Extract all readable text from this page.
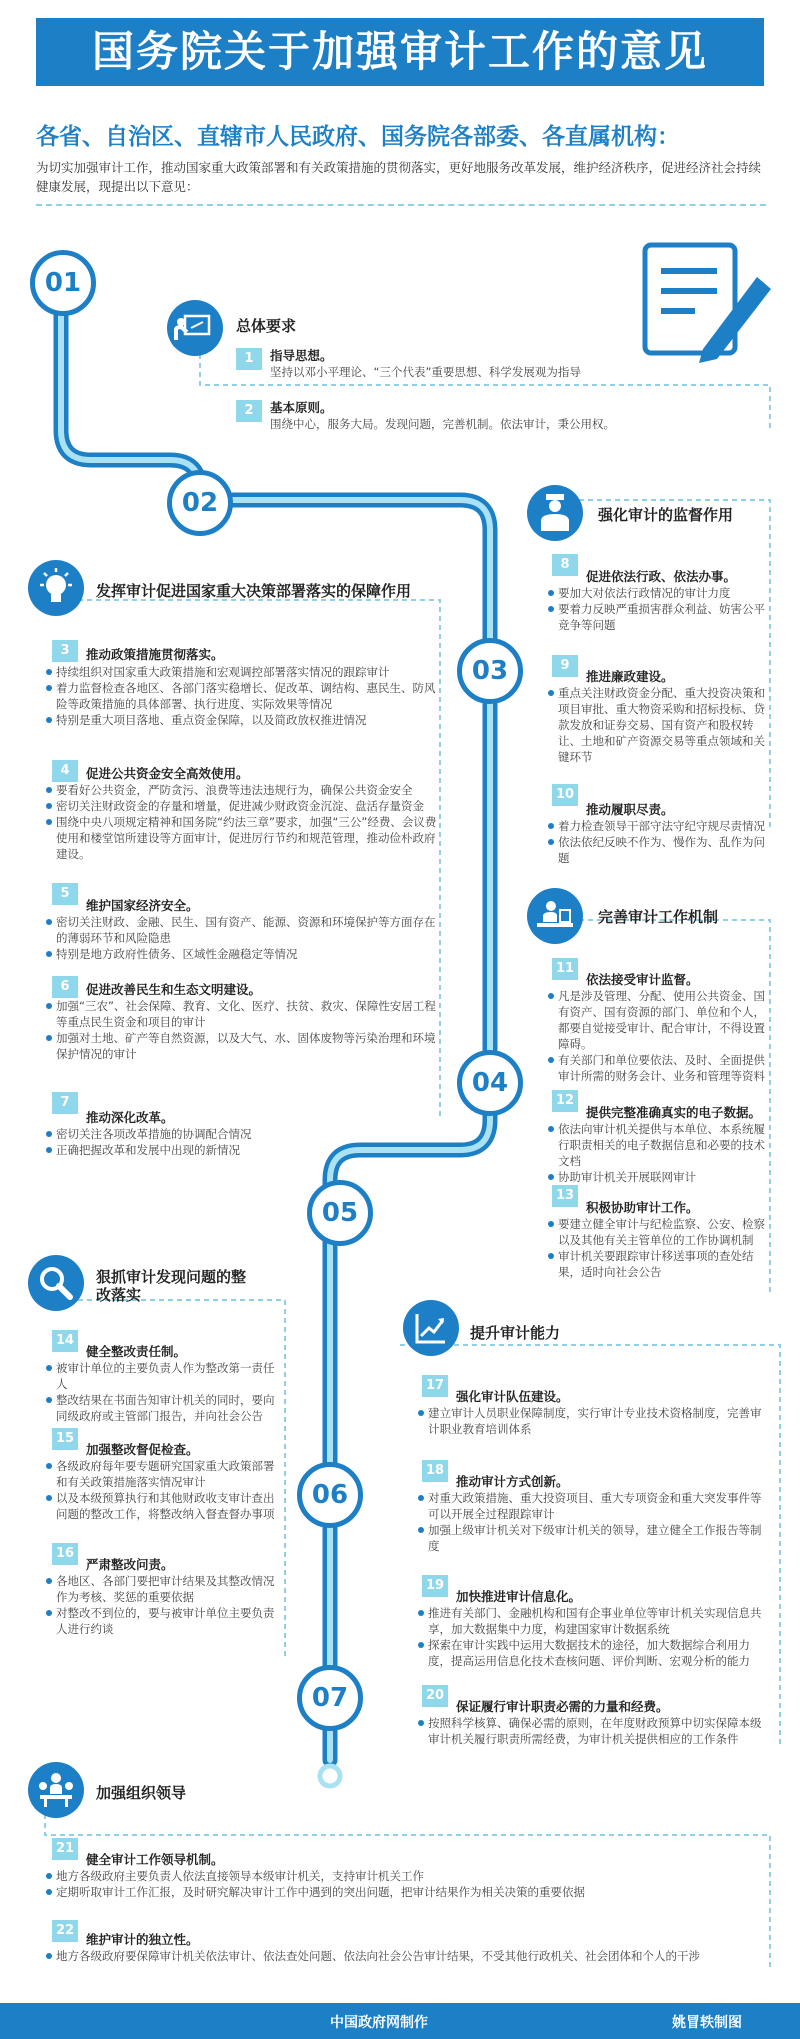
国务院关于加强审计工作的意见
各省、自治区、直辖市人民政府、国务院各部委、各直属机构：
为切实加强审计工作，推动国家重大政策部署和有关政策措施的贯彻落实，更好地服务改革发展，维护经济秩序，促进经济社会持续健康发展，现提出以下意见：
01
02
03
04
05
06
07
总体要求
1	指导思想。
坚持以邓小平理论、“三个代表”重要思想、科学发展观为指导
2	基本原则。
围绕中心，服务大局。发现问题，完善机制。依法审计，秉公用权。
发挥审计促进国家重大决策部署落实的保障作用
3	推动政策措施贯彻落实。
持续组织对国家重大政策措施和宏观调控部署落实情况的跟踪审计
着力监督检查各地区、各部门落实稳增长、促改革、调结构、惠民生、防风险等政策措施的具体部署、执行进度、实际效果等情况
特别是重大项目落地、重点资金保障，以及简政放权推进情况
4	促进公共资金安全高效使用。
要看好公共资金，严防贪污、浪费等违法违规行为，确保公共资金安全
密切关注财政资金的存量和增量，促进减少财政资金沉淀、盘活存量资金
围绕中央八项规定精神和国务院“约法三章”要求，加强“三公”经费、会议费使用和楼堂馆所建设等方面审计，促进厉行节约和规范管理，推动俭朴政府建设。
5
维护国家经济安全。
密切关注财政、金融、民生、国有资产、能源、资源和环境保护等方面存在的薄弱环节和风险隐患
特别是地方政府性债务、区域性金融稳定等情况
6	促进改善民生和生态文明建设。
加强“三农”、社会保障、教育、文化、医疗、扶贫、救灾、保障性安居工程等重点民生资金和项目的审计
加强对土地、矿产等自然资源，以及大气、水、固体废物等污染治理和环境保护情况的审计
7
推动深化改革。
密切关注各项改革措施的协调配合情况
正确把握改革和发展中出现的新情况
强化审计的监督作用
8
促进依法行政、依法办事。
要加大对依法行政情况的审计力度
要着力反映严重损害群众利益、妨害公平竞争等问题
9
推进廉政建设。
重点关注财政资金分配、重大投资决策和项目审批、重大物资采购和招标投标、贷款发放和证券交易、国有资产和股权转让、土地和矿产资源交易等重点领域和关键环节
10
推动履职尽责。
着力检查领导干部守法守纪守规尽责情况
依法依纪反映不作为、慢作为、乱作为问题
完善审计工作机制
11
依法接受审计监督。
凡是涉及管理、分配、使用公共资金、国有资产、国有资源的部门、单位和个人，都要自觉接受审计、配合审计，不得设置障碍。
有关部门和单位要依法、及时、全面提供审计所需的财务会计、业务和管理等资料
12
提供完整准确真实的电子数据。
依法向审计机关提供与本单位、本系统履行职责相关的电子数据信息和必要的技术文档
协助审计机关开展联网审计
13
积极协助审计工作。
要建立健全审计与纪检监察、公安、检察以及其他有关主管单位的工作协调机制
审计机关要跟踪审计移送事项的查处结果，适时向社会公告
狠抓审计发现问题的整改落实
14
健全整改责任制。
被审计单位的主要负责人作为整改第一责任人
整改结果在书面告知审计机关的同时，要向同级政府或主管部门报告，并向社会公告
15
加强整改督促检查。
各级政府每年要专题研究国家重大政策部署和有关政策措施落实情况审计
以及本级预算执行和其他财政收支审计查出问题的整改工作，将整改纳入督查督办事项
16
严肃整改问责。
各地区、各部门要把审计结果及其整改情况作为考核、奖惩的重要依据
对整改不到位的，要与被审计单位主要负责人进行约谈
提升审计能力
17
强化审计队伍建设。
建立审计人员职业保障制度，实行审计专业技术资格制度，完善审计职业教育培训体系
18
推动审计方式创新。
对重大政策措施、重大投资项目、重大专项资金和重大突发事件等可以开展全过程跟踪审计
加强上级审计机关对下级审计机关的领导，建立健全工作报告等制度
19
加快推进审计信息化。
推进有关部门、金融机构和国有企事业单位等审计机关实现信息共享，加大数据集中力度，构建国家审计数据系统
探索在审计实践中运用大数据技术的途径，加大数据综合利用力度，提高运用信息化技术查核问题、评价判断、宏观分析的能力
20
保证履行审计职责必需的力量和经费。
按照科学核算、确保必需的原则，在年度财政预算中切实保障本级审计机关履行职责所需经费，为审计机关提供相应的工作条件
加强组织领导
21
健全审计工作领导机制。
地方各级政府主要负责人依法直接领导本级审计机关，支持审计机关工作
定期听取审计工作汇报，及时研究解决审计工作中遇到的突出问题，把审计结果作为相关决策的重要依据
22
维护审计的独立性。
地方各级政府要保障审计机关依法审计、依法查处问题、依法向社会公告审计结果，不受其他行政机关、社会团体和个人的干涉
中国政府网制作	姚冒轶制图
